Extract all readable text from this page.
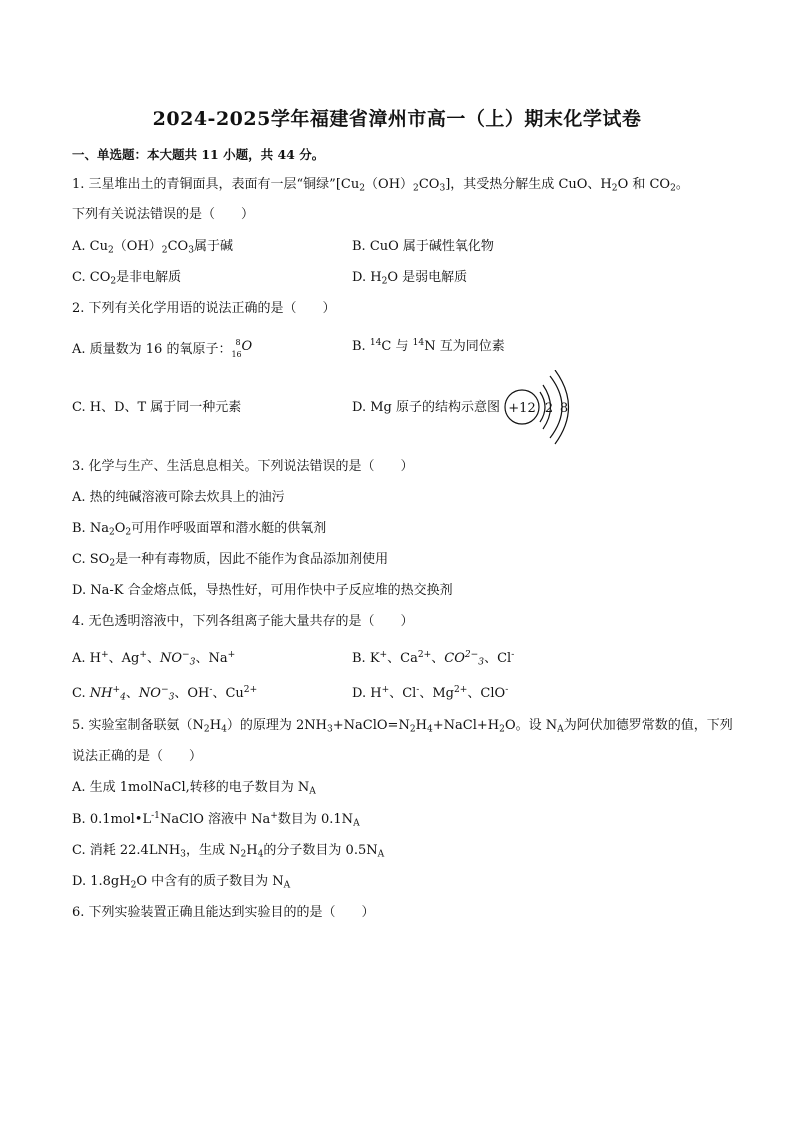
2024-2025学年福建省漳州市高一（上）期末化学试卷
一、单选题：本大题共 11 小题，共 44 分。
1. 三星堆出土的青铜面具，表面有一层“铜绿$”[Cu_2(OH)_2CO_3]$，其受热分解生成 CuO、$H_2O$ 和 $CO_2$。
下列有关说法错误的是（　　）
A. $Cu_2(OH)_2CO_3$属于碱	B. CuO 属于碱性氧化物
C. $CO_2$是非电解质	D. $H_2O$ 是弱电解质
2. 下列有关化学用语的说法正确的是（　　）
A. 质量数为 16 的氧原子： 8
16
O	B. $^{14}$C 与 $^{14}$N 互为同位素
C. H、D、T 属于同一种元素	D. Mg 原子的结构示意图 +12 2 8
3. 化学与生产、生活息息相关。下列说法错误的是（　　）
A. 热的纯碱溶液可除去炊具上的油污
B. $Na_2O_2$可用作呼吸面罩和潜水艇的供氧剂
C. $SO_2$是一种有毒物质，因此不能作为食品添加剂使用
D. Na-K 合金熔点低，导热性好，可用作快中子反应堆的热交换剂
4. 无色透明溶液中，下列各组离子能大量共存的是（　　）
A. H+、Ag+、$NO^-_3$、Na+	B. K+、$Ca^{2+}$、$CO^{2-}_3$、Cl-
C. $NH^+_4$、$NO^-_3$、OH-、$Cu^{2+}$	D. H+、Cl-、$Mg^{2+}$、ClO-
5. 实验室制备联氨$(N_2H_4)$的原理为 $2NH_3+NaClO=N_2H_4+NaCl+H_2O$。设 $N_A$为阿伏加德罗常数的值，下列
说法正确的是（　　）
A. 生成 1molNaCl,转移的电子数目为 $N_A$
B. $0.1mol•L^{-1}NaClO$ 溶液中 Na+数目为 $0.1N_A$
C. 消耗 $22.4LNH_3$，生成 $N_2H_4$的分子数目为 $0.5N_A$
D. $1.8gH_2O$ 中含有的质子数目为 $N_A$
6. 下列实验装置正确且能达到实验目的的是（　　）
